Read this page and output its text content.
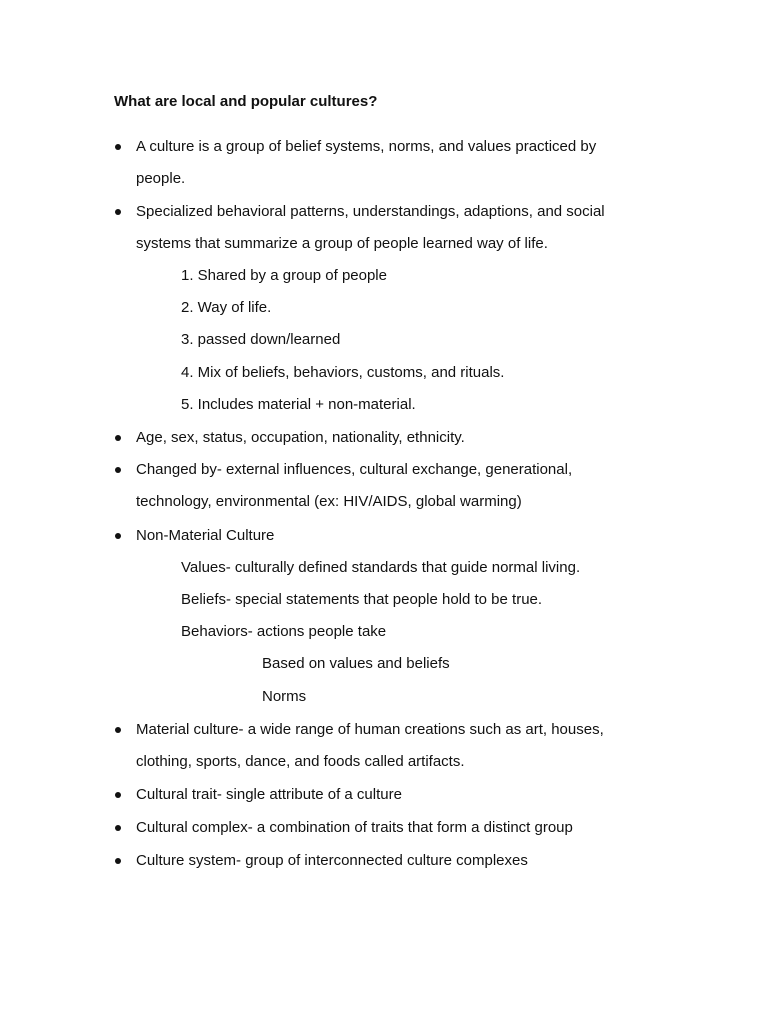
What are local and popular cultures?
A culture is a group of belief systems, norms, and values practiced by
people.
Specialized behavioral patterns, understandings, adaptions, and social
systems that summarize a group of people learned way of life.
1. Shared by a group of people
2. Way of life.
3. passed down/learned
4. Mix of beliefs, behaviors, customs, and rituals.
5. Includes material + non-material.
Age, sex, status, occupation, nationality, ethnicity.
Changed by- external influences, cultural exchange, generational,
technology, environmental (ex: HIV/AIDS, global warming)
Non-Material Culture
Values- culturally defined standards that guide normal living.
Beliefs- special statements that people hold to be true.
Behaviors- actions people take
Based on values and beliefs
Norms
Material culture- a wide range of human creations such as art, houses,
clothing, sports, dance, and foods called artifacts.
Cultural trait- single attribute of a culture
Cultural complex- a combination of traits that form a distinct group
Culture system- group of interconnected culture complexes
